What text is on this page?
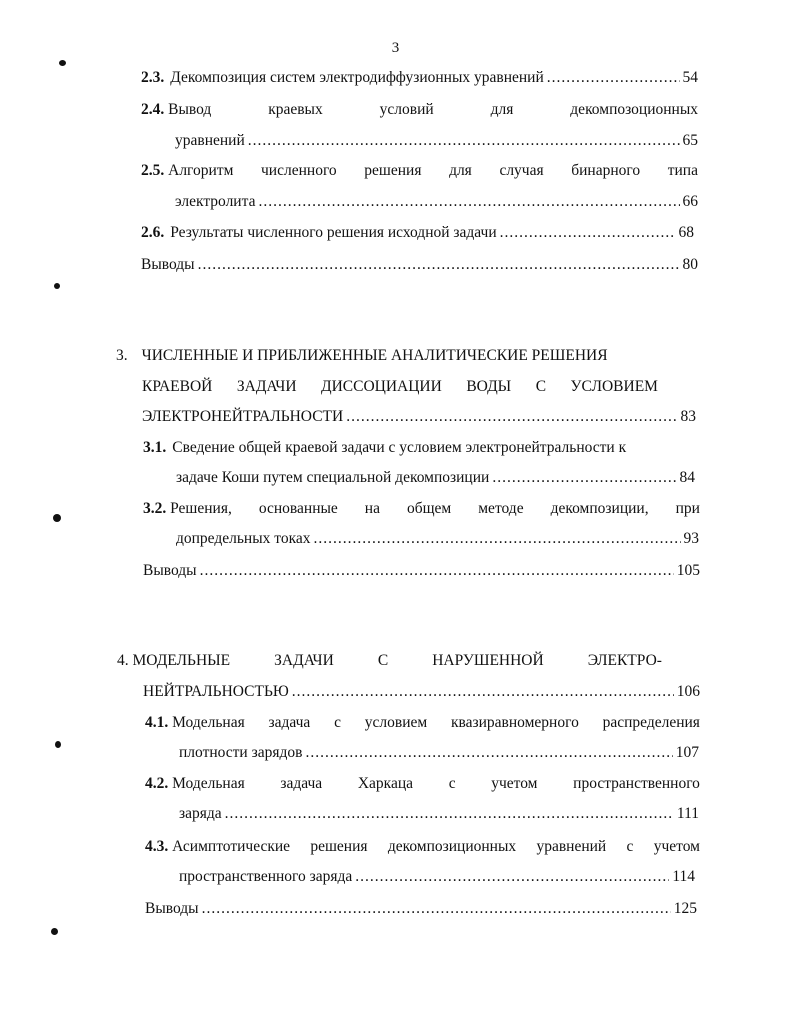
3
2.3. Декомпозиция систем электродиффузионных уравнений .....	54
2.4. Вывод	краевых	условий	для	декомпозоционных
уравнений .....	65
2.5. Алгоритм численного решения для случая бинарного типа
электролита .....	66
2.6. Результаты численного решения исходной задачи .....	68
Выводы .....	80
3. ЧИСЛЕННЫЕ И ПРИБЛИЖЕННЫЕ АНАЛИТИЧЕСКИЕ РЕШЕНИЯ
КРАЕВОЙ ЗАДАЧИ ДИССОЦИАЦИИ ВОДЫ С УСЛОВИЕМ
ЭЛЕКТРОНЕЙТРАЛЬНОСТИ .....	83
3.1. Сведение общей краевой задачи с условием электронейтральности к
задаче Коши путем специальной декомпозиции .....	84
3.2. Решения, основанные на общем методе декомпозиции, при
допредельных токах .....	93
Выводы .....	105
4. МОДЕЛЬНЫЕ	ЗАДАЧИ	С	НАРУШЕННОЙ	ЭЛЕКТРО-
НЕЙТРАЛЬНОСТЬЮ .....	106
4.1. Модельная задача с условием квазиравномерного распределения
плотности зарядов .....	107
4.2. Модельная задача Харкаца с учетом пространственного
заряда .....	111
4.3. Асимптотические решения декомпозиционных уравнений с учетом
пространственного заряда .....	114
Выводы .....	125
